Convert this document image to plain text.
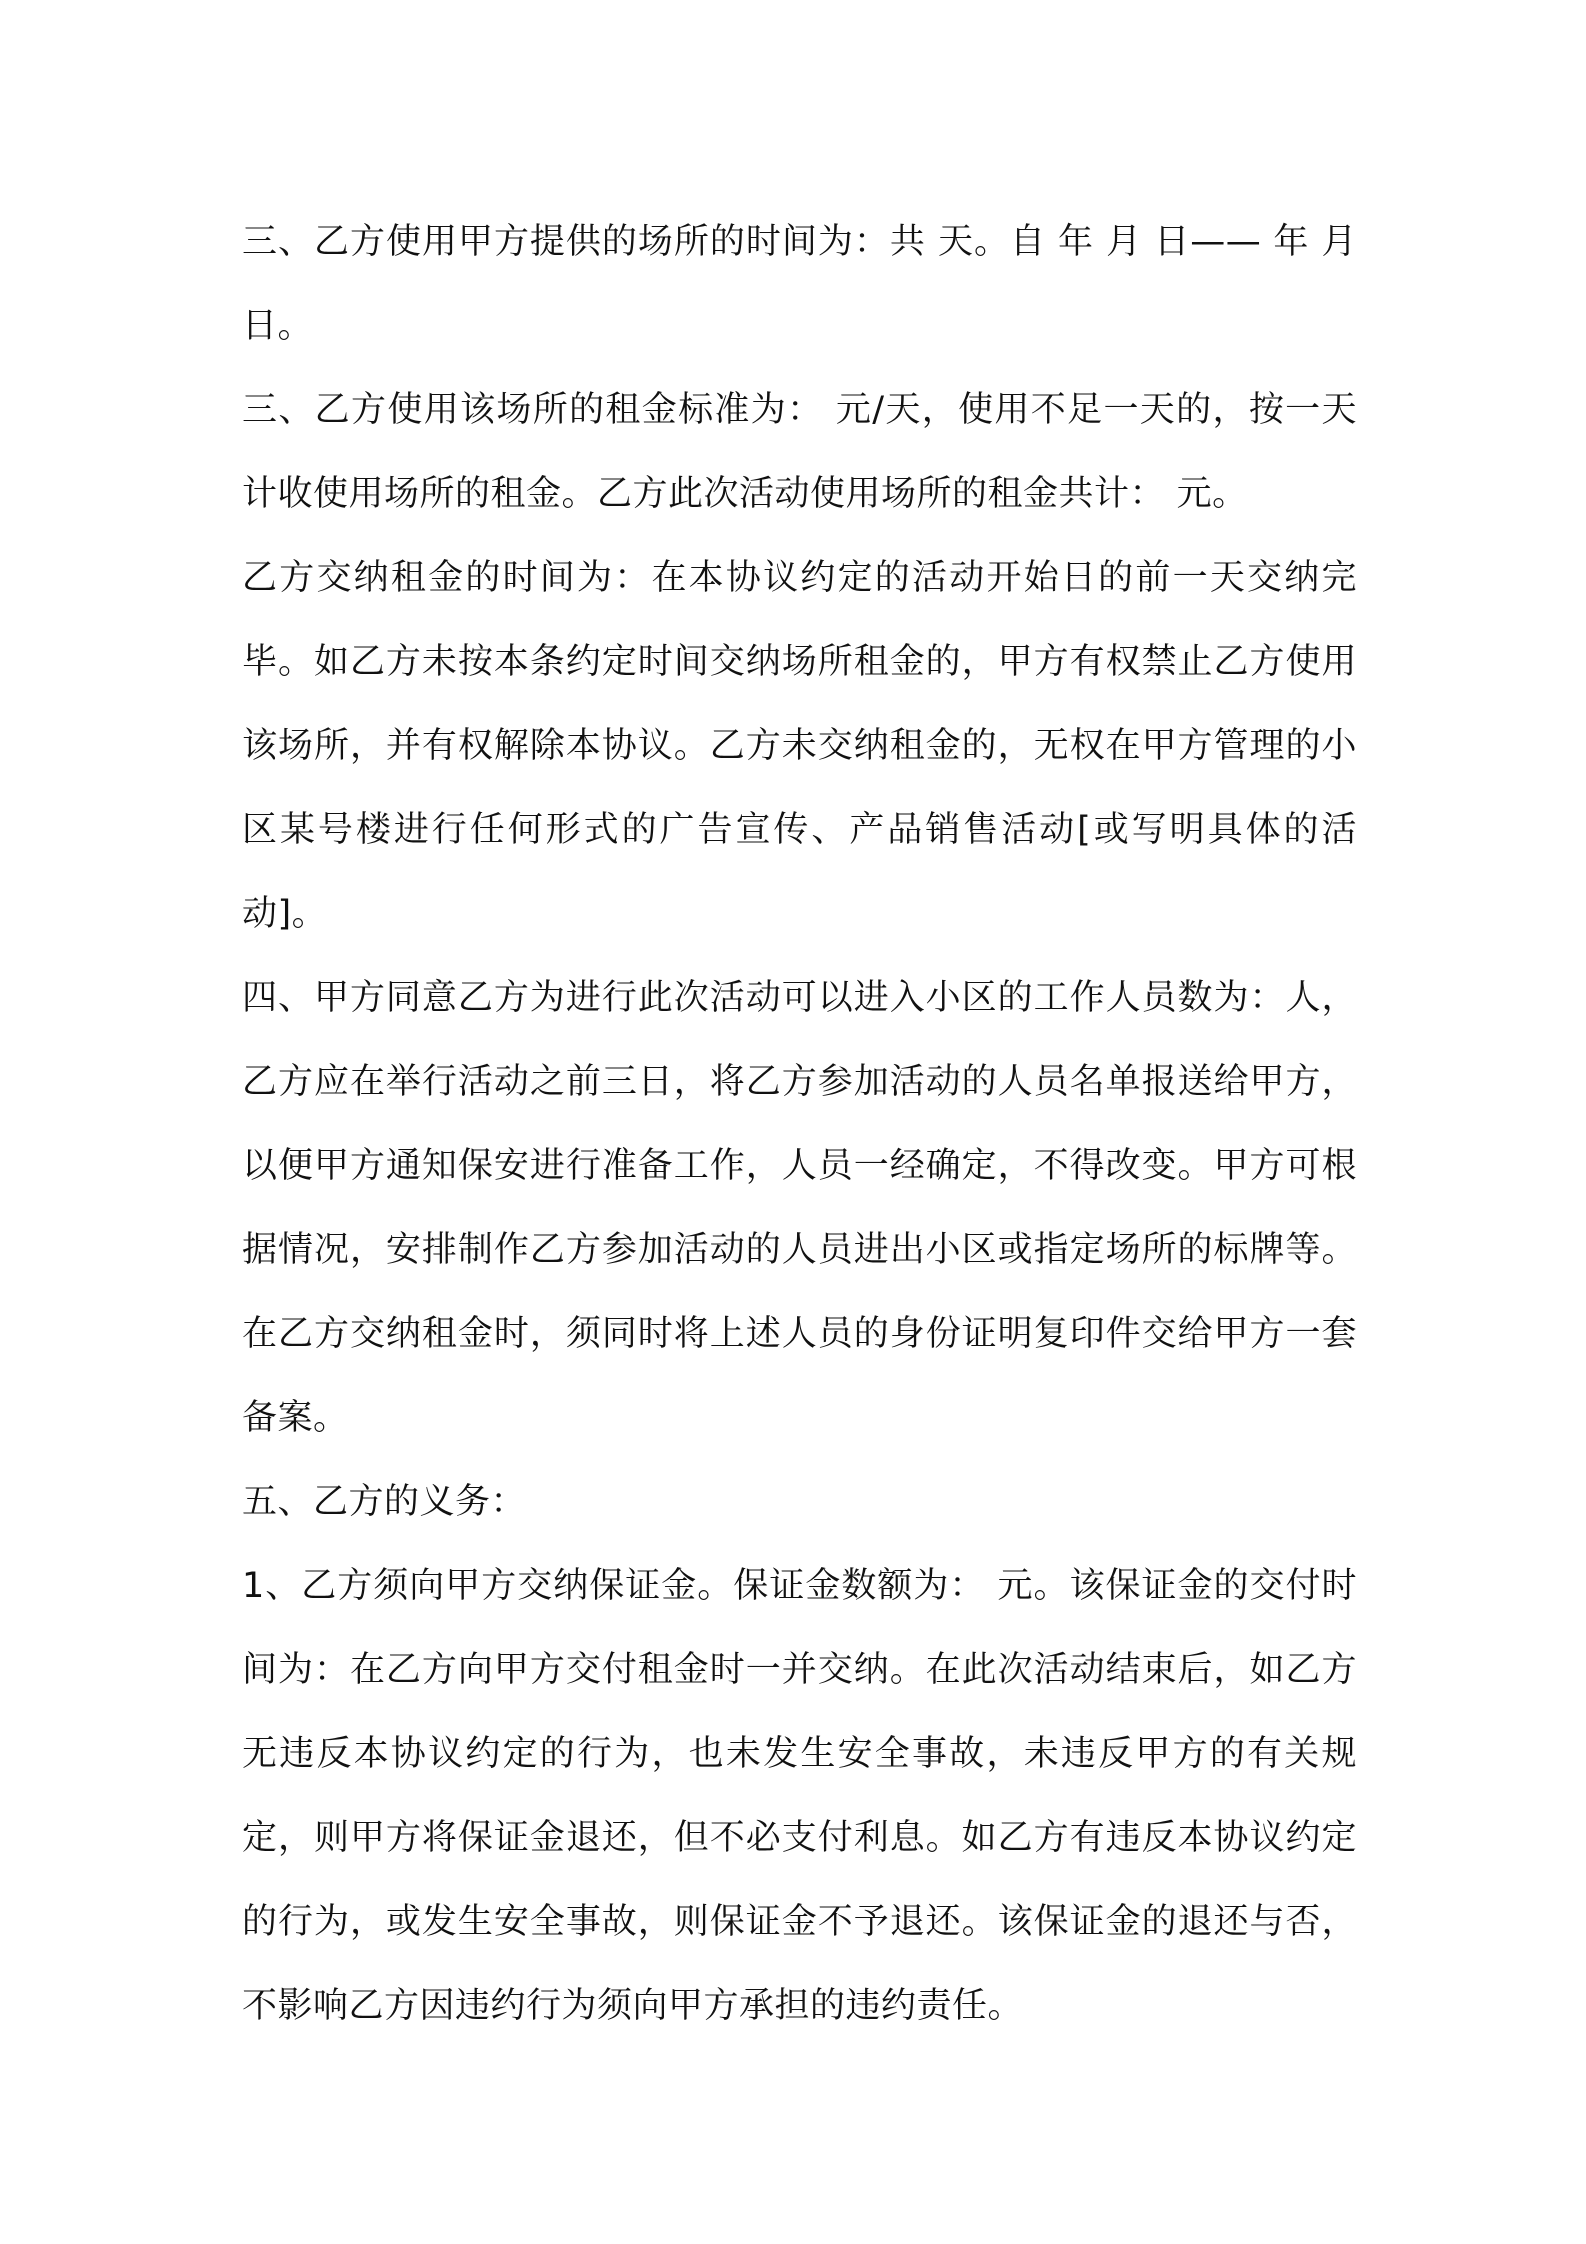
三、乙方使用甲方提供的场所的时间为：共 天。自 年 月 日—— 年 月 日。

三、乙方使用该场所的租金标准为： 元/天，使用不足一天的，按一天计收使用场所的租金。乙方此次活动使用场所的租金共计： 元。

乙方交纳租金的时间为：在本协议约定的活动开始日的前一天交纳完毕。如乙方未按本条约定时间交纳场所租金的，甲方有权禁止乙方使用该场所，并有权解除本协议。乙方未交纳租金的，无权在甲方管理的小区某号楼进行任何形式的广告宣传、产品销售活动[或写明具体的活动]。

四、甲方同意乙方为进行此次活动可以进入小区的工作人员数为：人，乙方应在举行活动之前三日，将乙方参加活动的人员名单报送给甲方，以便甲方通知保安进行准备工作，人员一经确定，不得改变。甲方可根据情况，安排制作乙方参加活动的人员进出小区或指定场所的标牌等。在乙方交纳租金时，须同时将上述人员的身份证明复印件交给甲方一套备案。

五、乙方的义务：

1、乙方须向甲方交纳保证金。保证金数额为： 元。该保证金的交付时间为：在乙方向甲方交付租金时一并交纳。在此次活动结束后，如乙方无违反本协议约定的行为，也未发生安全事故，未违反甲方的有关规定，则甲方将保证金退还，但不必支付利息。如乙方有违反本协议约定的行为，或发生安全事故，则保证金不予退还。该保证金的退还与否，不影响乙方因违约行为须向甲方承担的违约责任。
